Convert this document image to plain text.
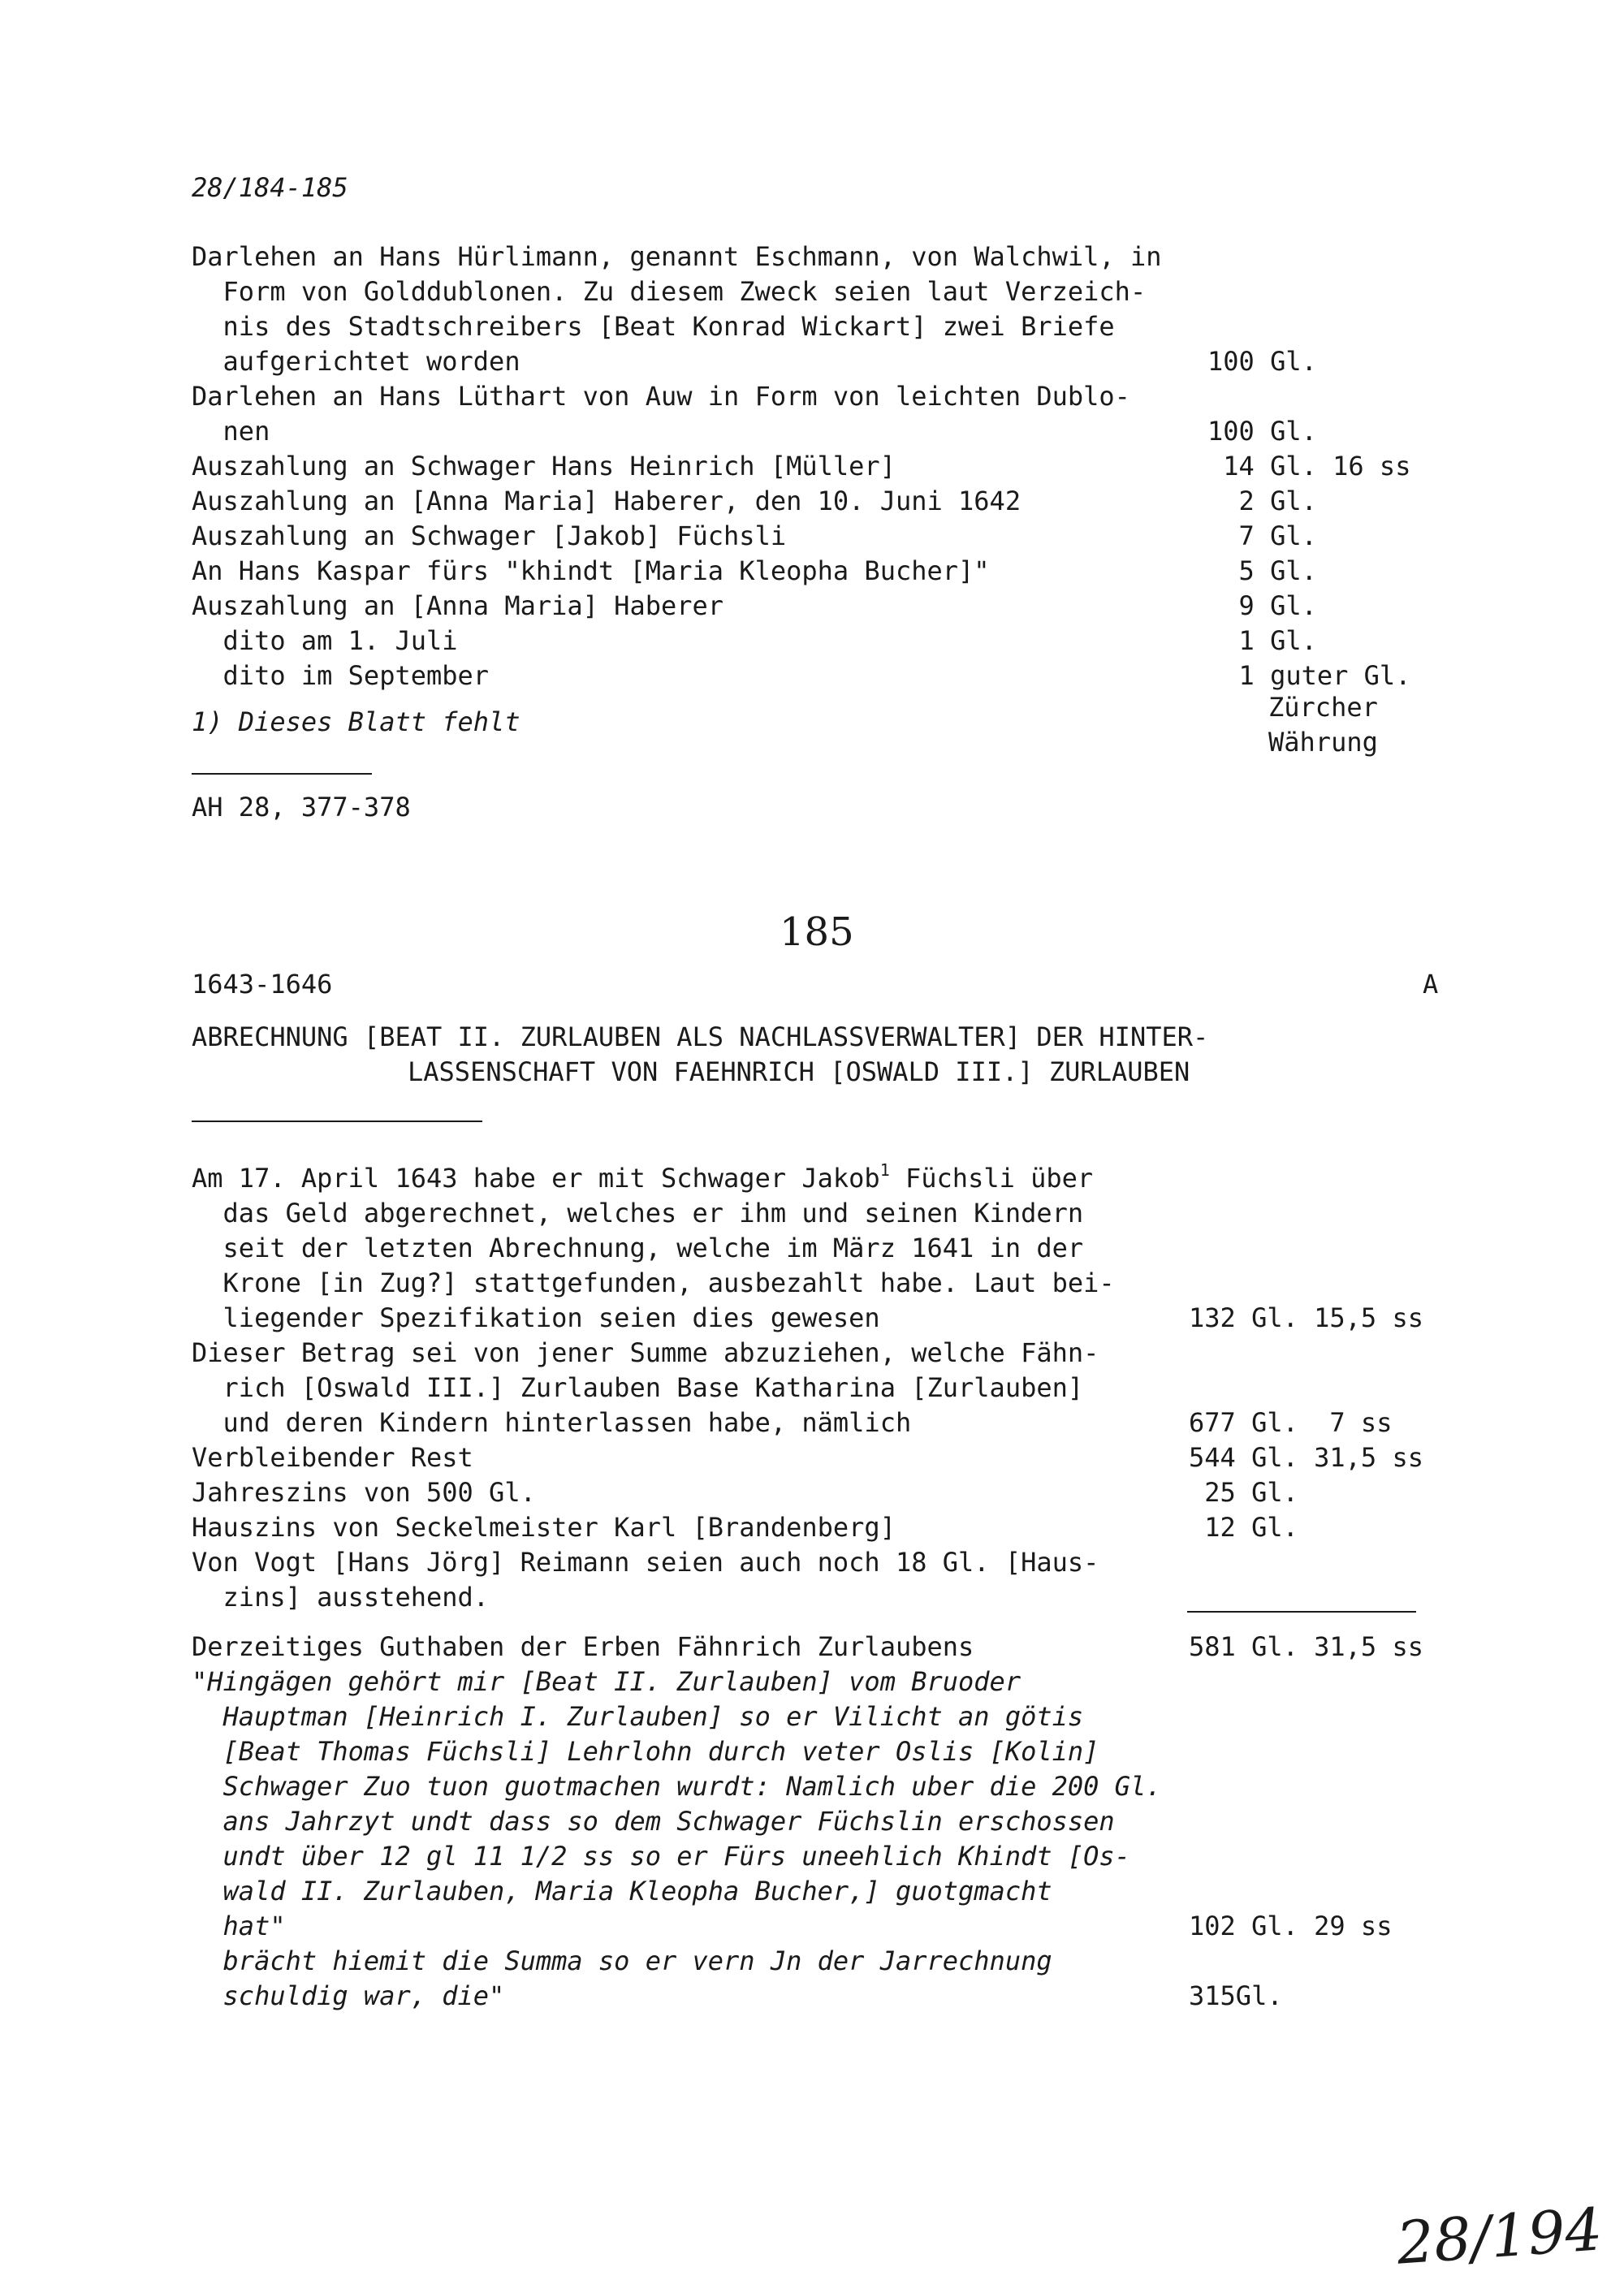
28/184-185
Darlehen an Hans Hürlimann, genannt Eschmann, von Walchwil, in
Form von Golddublonen. Zu diesem Zweck seien laut Verzeich-
nis des Stadtschreibers [Beat Konrad Wickart] zwei Briefe
aufgerichtet worden	100 Gl.
Darlehen an Hans Lüthart von Auw in Form von leichten Dublo-
nen	100 Gl.
Auszahlung an Schwager Hans Heinrich [Müller]	14 Gl. 16 ss
Auszahlung an [Anna Maria] Haberer, den 10. Juni 1642	2 Gl.
Auszahlung an Schwager [Jakob] Füchsli	7 Gl.
An Hans Kaspar fürs "khindt [Maria Kleopha Bucher]"	5 Gl.
Auszahlung an [Anna Maria] Haberer	9 Gl.
dito am 1. Juli	1 Gl.
dito im September	1 guter Gl.
Zürcher
Währung
1) Dieses Blatt fehlt
AH 28, 377-378
185
1643-1646	A
ABRECHNUNG [BEAT II. ZURLAUBEN ALS NACHLASSVERWALTER] DER HINTER-
LASSENSCHAFT VON FAEHNRICH [OSWALD III.] ZURLAUBEN
Am 17. April 1643 habe er mit Schwager Jakob$^1$ Füchsli über
das Geld abgerechnet, welches er ihm und seinen Kindern
seit der letzten Abrechnung, welche im März 1641 in der
Krone [in Zug?] stattgefunden, ausbezahlt habe. Laut bei-
liegender Spezifikation seien dies gewesen	132 Gl. 15,5 ss
Dieser Betrag sei von jener Summe abzuziehen, welche Fähn-
rich [Oswald III.] Zurlauben Base Katharina [Zurlauben]
und deren Kindern hinterlassen habe, nämlich	677 Gl.  7 ss
Verbleibender Rest	544 Gl. 31,5 ss
Jahreszins von 500 Gl.	25 Gl.
Hauszins von Seckelmeister Karl [Brandenberg]	12 Gl.
Von Vogt [Hans Jörg] Reimann seien auch noch 18 Gl. [Haus-
zins] ausstehend.
Derzeitiges Guthaben der Erben Fähnrich Zurlaubens	581 Gl. 31,5 ss
"Hingägen gehört mir [Beat II. Zurlauben] vom Bruoder
Hauptman [Heinrich I. Zurlauben] so er Vilicht an götis
[Beat Thomas Füchsli] Lehrlohn durch veter Oslis [Kolin]
Schwager Zuo tuon guotmachen wurdt: Namlich uber die 200 Gl.
ans Jahrzyt undt dass so dem Schwager Füchslin erschossen
undt über 12 gl 11 1/2 ss so er Fürs uneehlich Khindt [Os-
wald II. Zurlauben, Maria Kleopha Bucher,] guotgmacht
hat"	102 Gl. 29 ss
brächt hiemit die Summa so er vern Jn der Jarrechnung
schuldig war, die"	315Gl.
28/194
